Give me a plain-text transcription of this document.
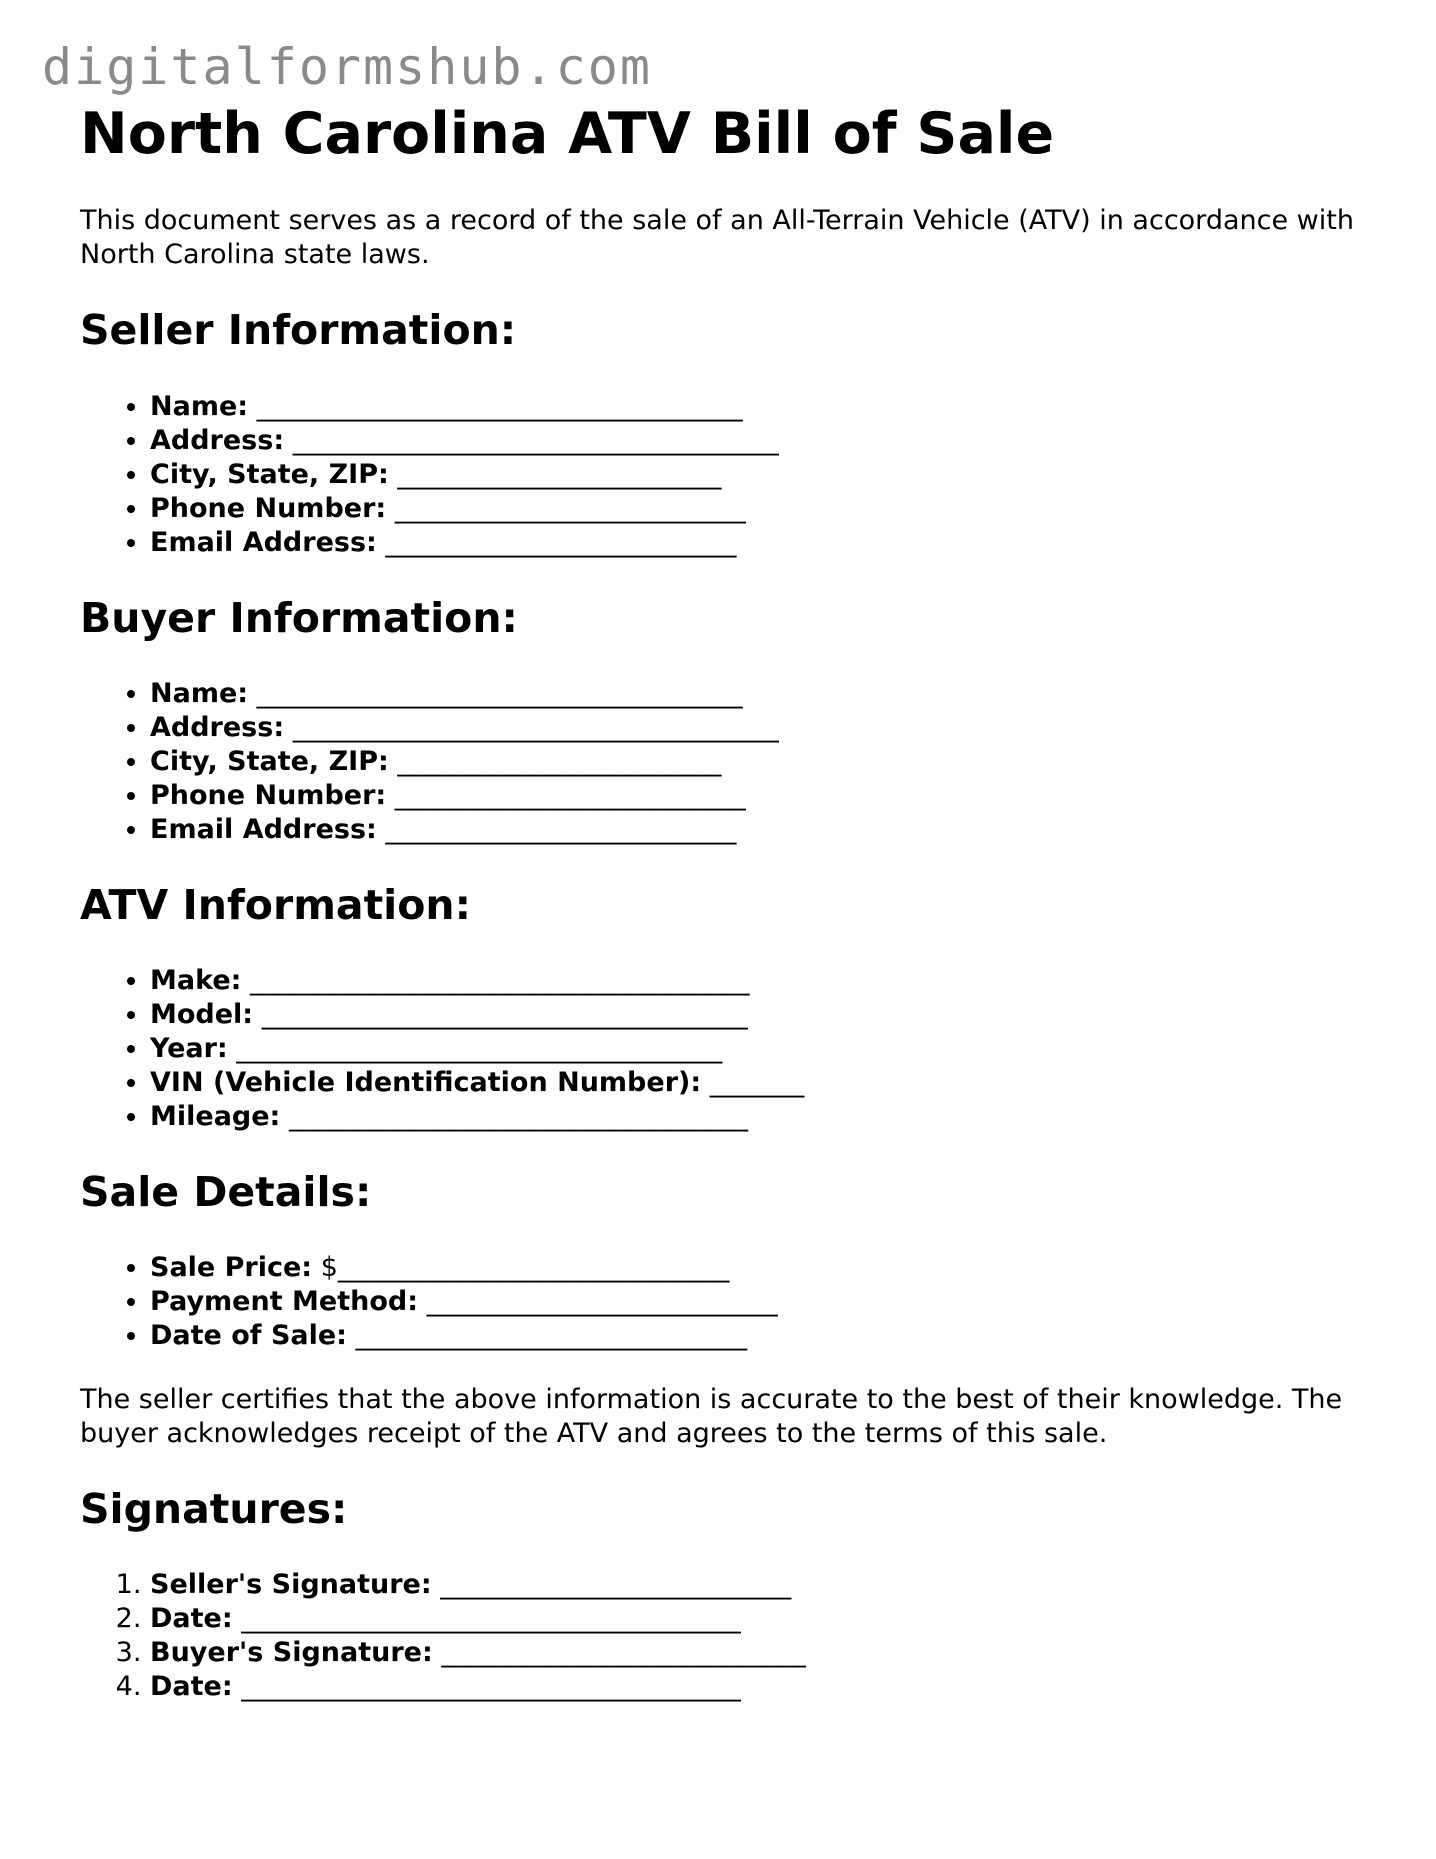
digitalformshub.com
North Carolina ATV Bill of Sale

This document serves as a record of the sale of an All-Terrain Vehicle (ATV) in accordance with North Carolina state laws.

Seller Information:
• Name: ____________________________________
• Address: ____________________________________
• City, State, ZIP: ________________________
• Phone Number: __________________________
• Email Address: __________________________
Buyer Information:
• Name: ____________________________________
• Address: ____________________________________
• City, State, ZIP: ________________________
• Phone Number: __________________________
• Email Address: __________________________
ATV Information:
• Make: _____________________________________
• Model: ____________________________________
• Year: ____________________________________
• VIN (Vehicle Identification Number): _______
• Mileage: __________________________________
Sale Details:
• Sale Price: $_____________________________
• Payment Method: __________________________
• Date of Sale: _____________________________

The seller certifies that the above information is accurate to the best of their knowledge. The buyer acknowledges receipt of the ATV and agrees to the terms of this sale.

Signatures:
1. Seller's Signature: __________________________
2. Date: _____________________________________
3. Buyer's Signature: ___________________________
4. Date: _____________________________________
